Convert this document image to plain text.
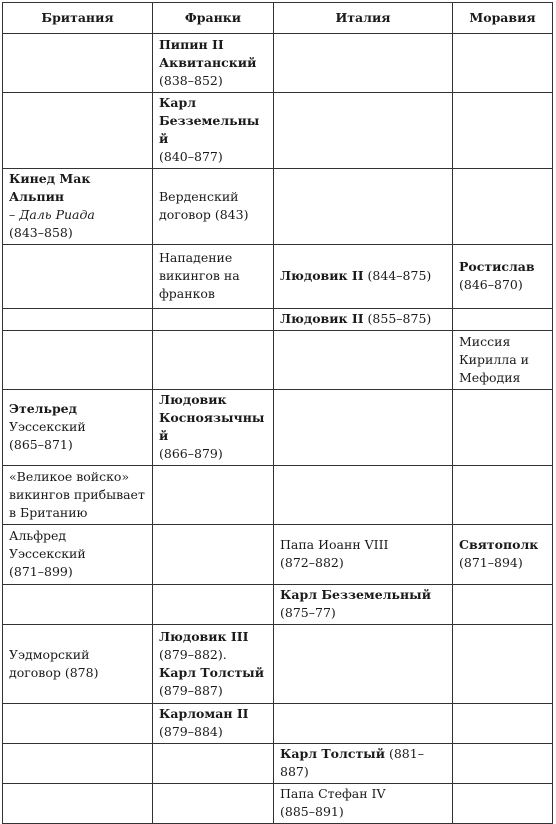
Британия	Франки	Италия	Моравия

	Пипин II
Аквитанский
(838–852)		

	Карл
Безземельный
(840–877)		

Кинед Мак Альпин
– Даль Риада
(843–858)	Верденский
договор (843)		

	Нападение
викингов на
франков	Людовик II (844–875)	Ростислав
(846–870)

		Людовик II (855–875)	

			Миссия
Кирилла и
Мефодия

Этельред
Уэссекский
(865–871)	Людовик
Косноязычный
(866–879)		

«Великое войско»
викингов прибывает
в Британию			

Альфред
Уэссекский
(871–899)		Папа Иоанн VIII
(872–882)	Святополк
(871–894)

		Карл Безземельный
(875–77)	

Уэдморский
договор (878)	Людовик III
(879–882).
Карл Толстый
(879–887)		

	Карломан II
(879–884)		

		Карл Толстый (881–887)	

		Папа Стефан IV
(885–891)	
